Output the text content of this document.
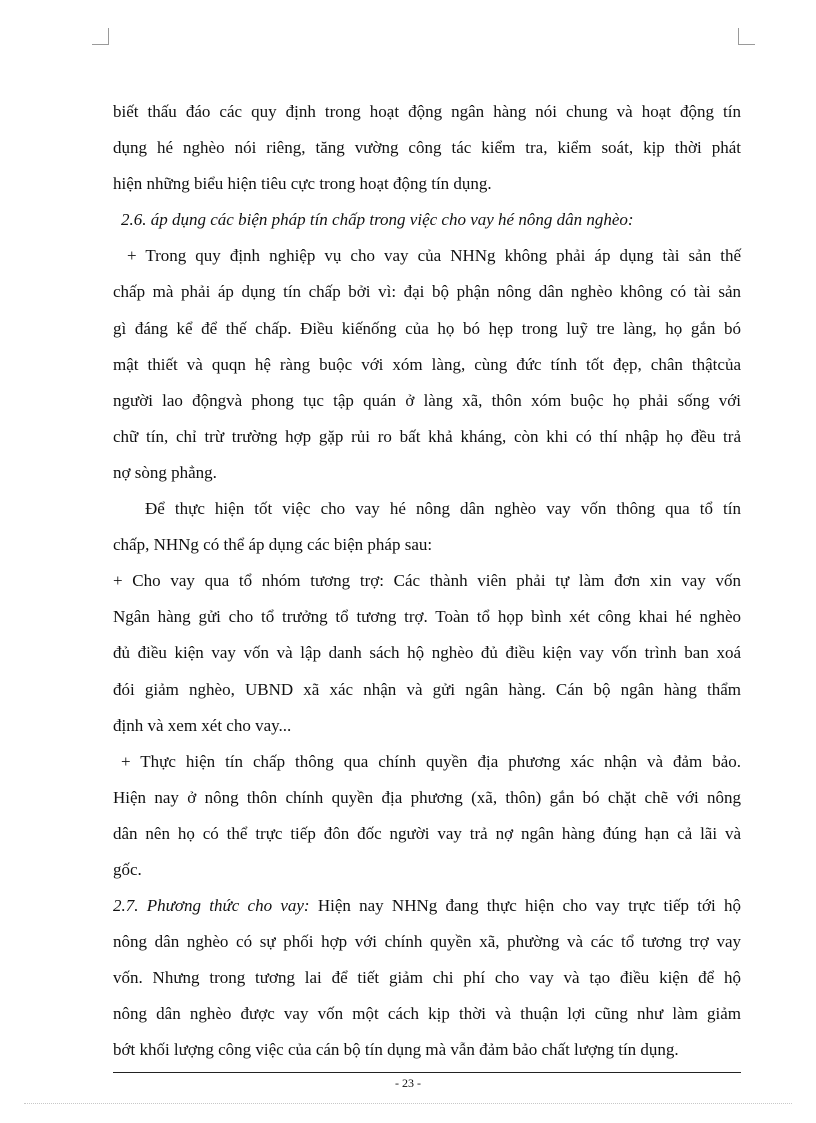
biết thấu đáo các quy định trong hoạt động ngân hàng nói chung và hoạt động tín
dụng hé nghèo nói riêng, tăng vường công tác kiểm tra, kiểm soát, kịp thời phát
hiện những biểu hiện tiêu cực trong hoạt động tín dụng.
2.6. áp dụng các biện pháp tín chấp trong việc cho vay hé nông dân nghèo:
+ Trong quy định nghiệp vụ cho vay của NHNg không phải áp dụng tài sản thế
chấp mà phải áp dụng tín chấp bởi vì: đại bộ phận nông dân nghèo không có tài sản
gì đáng kể để thế chấp. Điều kiếnống của họ bó hẹp trong luỹ tre làng, họ gắn bó
mật thiết và quqn hệ ràng buộc với xóm làng, cùng đức tính tốt đẹp, chân thậtcủa
người lao độngvà phong tục tập quán ở làng xã, thôn xóm buộc họ phải sống với
chữ tín, chỉ trừ trường hợp gặp rủi ro bất khả kháng, còn khi có thí nhập họ đều trả
nợ sòng phẳng.
Để thực hiện tốt việc cho vay hé nông dân nghèo vay vốn thông qua tổ tín
chấp, NHNg có thể áp dụng các biện pháp sau:
+ Cho vay qua tổ nhóm tương trợ: Các thành viên phải tự làm đơn xin vay vốn
Ngân hàng gửi cho tổ trưởng tổ tương trợ. Toàn tổ họp bình xét công khai hé nghèo
đủ điều kiện vay vốn và lập danh sách hộ nghèo đủ điều kiện vay vốn trình ban xoá
đói giảm nghèo, UBND xã xác nhận và gửi ngân hàng. Cán bộ ngân hàng thẩm
định và xem xét cho vay...
+ Thực hiện tín chấp thông qua chính quyền địa phương xác nhận và đảm bảo.
Hiện nay ở nông thôn chính quyền địa phương (xã, thôn) gắn bó chặt chẽ với nông
dân nên họ có thể trực tiếp đôn đốc người vay trả nợ ngân hàng đúng hạn cả lãi và
gốc.
2.7. Phương thức cho vay: Hiện nay NHNg đang thực hiện cho vay trực tiếp tới hộ
nông dân nghèo có sự phối hợp với chính quyền xã, phường và các tổ tương trợ vay
vốn. Nhưng trong tương lai để tiết giảm chi phí cho vay và tạo điều kiện để hộ
nông dân nghèo được vay vốn một cách kịp thời và thuận lợi cũng như làm giảm
bớt khối lượng công việc của cán bộ tín dụng mà vẫn đảm bảo chất lượng tín dụng.
- 23 -
